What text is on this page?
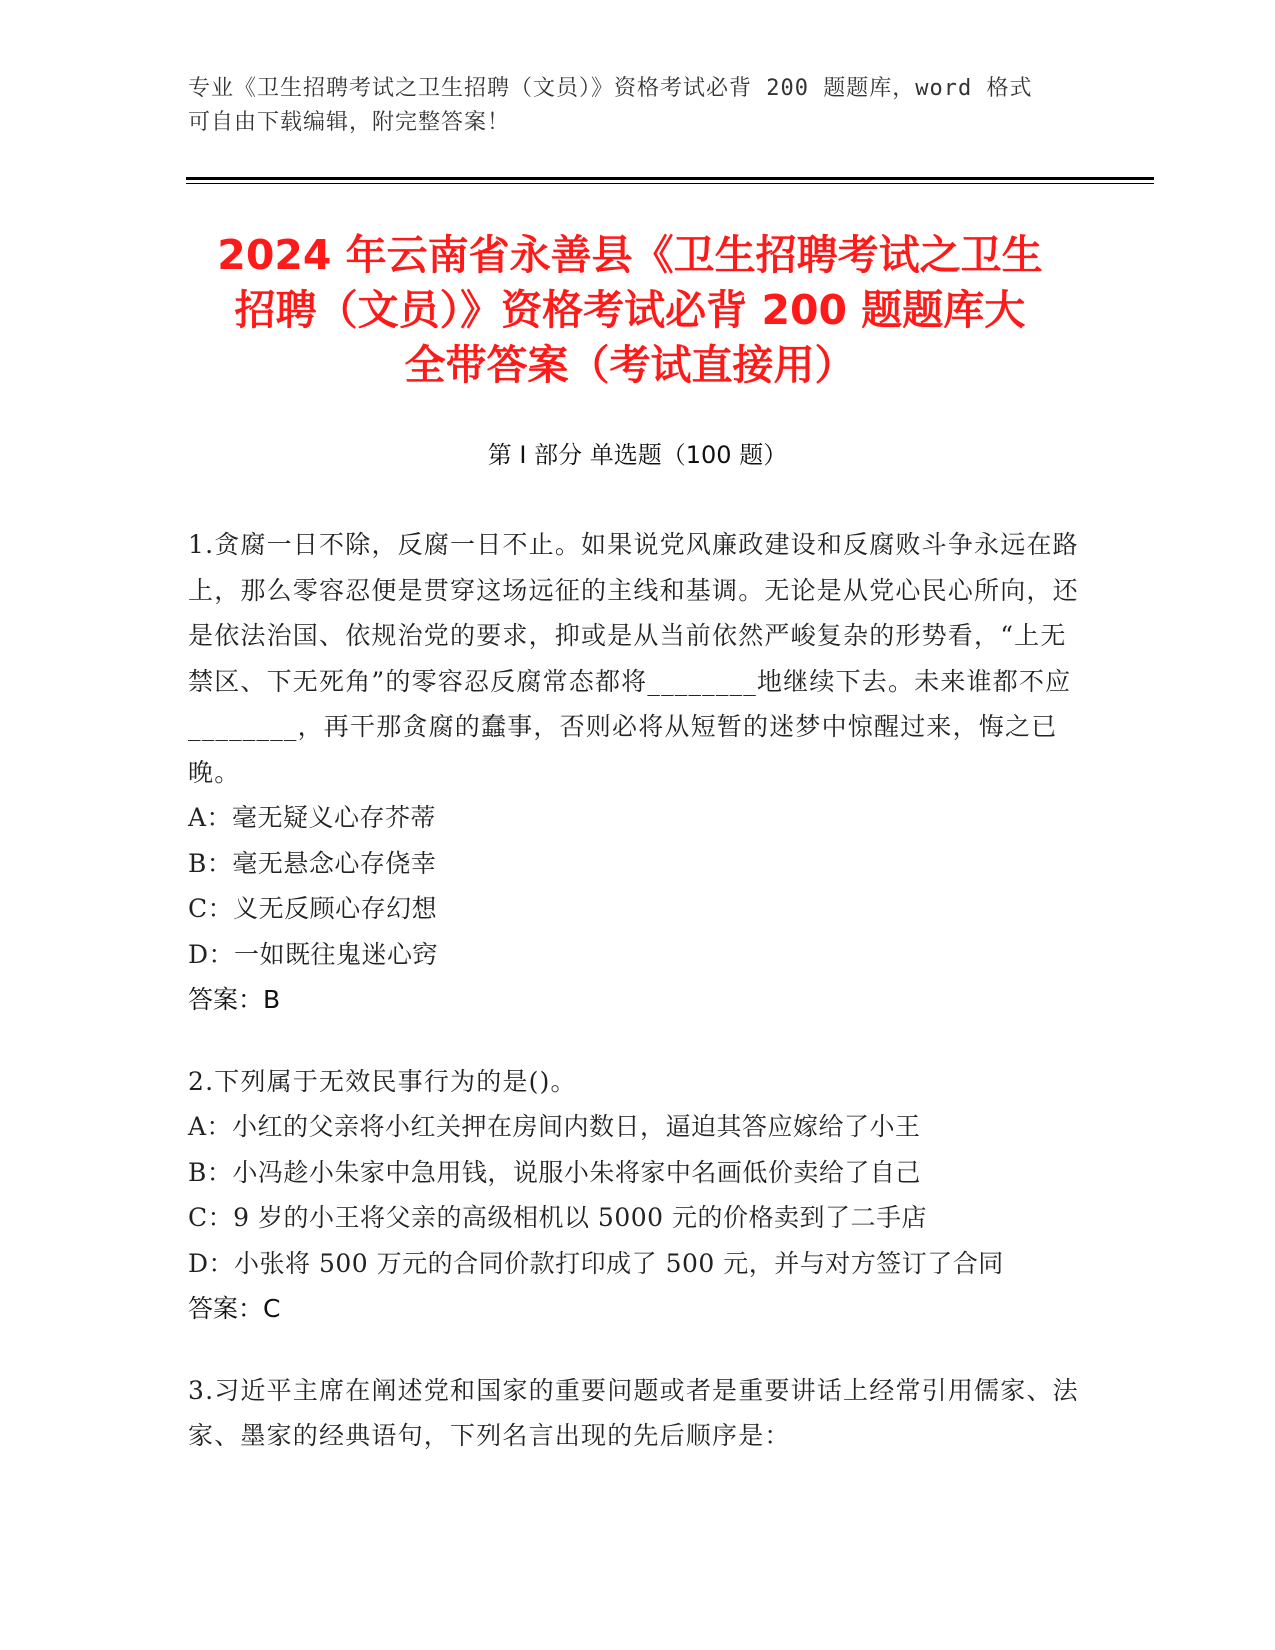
专业《卫生招聘考试之卫生招聘（文员）》资格考试必背 200 题题库，word 格式
可自由下载编辑，附完整答案！
2024 年云南省永善县《卫生招聘考试之卫生
招聘（文员）》资格考试必背 200 题题库大
全带答案（考试直接用）
第 I 部分 单选题（100 题）
1.贪腐一日不除，反腐一日不止。如果说党风廉政建设和反腐败斗争永远在路上，那么零容忍便是贯穿这场远征的主线和基调。无论是从党心民心所向，还是依法治国、依规治党的要求，抑或是从当前依然严峻复杂的形势看，“上无禁区、下无死角”的零容忍反腐常态都将________地继续下去。未来谁都不应________，再干那贪腐的蠢事，否则必将从短暂的迷梦中惊醒过来，悔之已晚。
A：毫无疑义心存芥蒂
B：毫无悬念心存侥幸
C：义无反顾心存幻想
D：一如既往鬼迷心窍
答案：B
2.下列属于无效民事行为的是()。
A：小红的父亲将小红关押在房间内数日，逼迫其答应嫁给了小王
B：小冯趁小朱家中急用钱，说服小朱将家中名画低价卖给了自己
C：9 岁的小王将父亲的高级相机以 5000 元的价格卖到了二手店
D：小张将 500 万元的合同价款打印成了 500 元，并与对方签订了合同
答案：C
3.习近平主席在阐述党和国家的重要问题或者是重要讲话上经常引用儒家、法家、墨家的经典语句，下列名言出现的先后顺序是：
